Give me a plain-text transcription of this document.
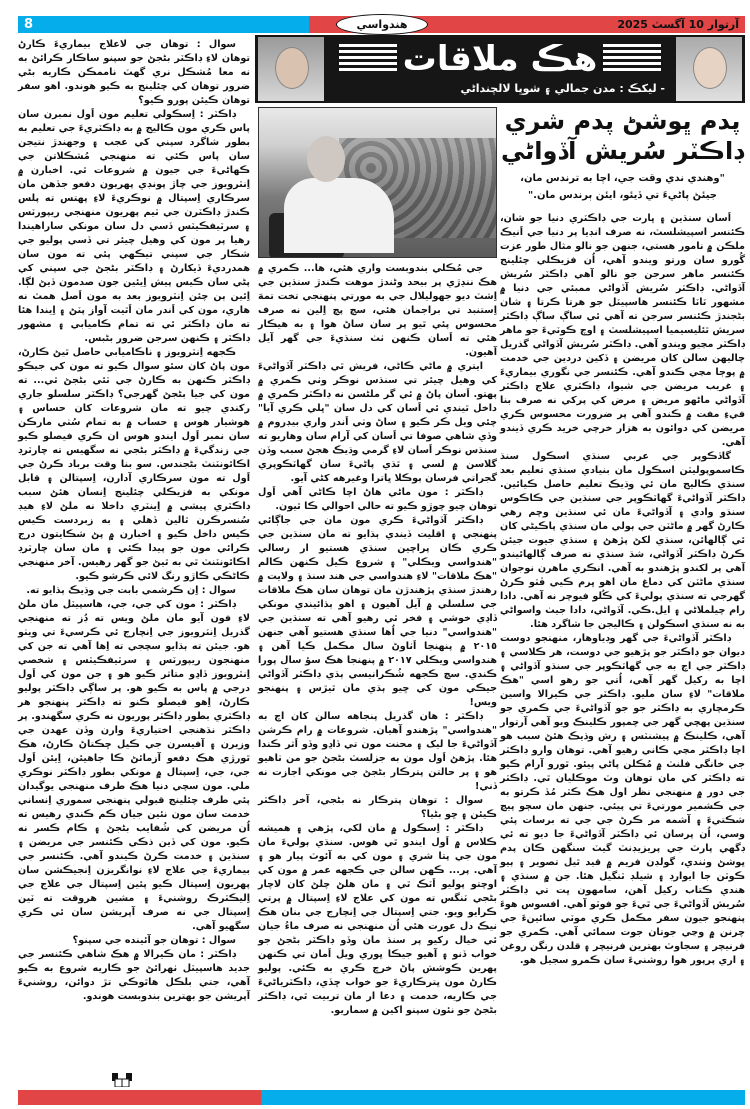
8	هندواسي	آرتوار 10 آگسٽ 2025

سوال : توهان جي لاعلاج بيماريءَ ڪارڻ توهان لاءِ ڊاڪٽر بڻجڻ جو سپنو ساڪار ڪرائڻ به نه معا مُشڪل نري گهٽ ناممڪن ڪاريه بڻي ضرور توهان کي چئلينج به ڪيو هوندو. اهو سفر توهان ڪيئن پورو ڪيو؟

ڊاڪٽر : اِسڪولي تعليم مون اَول نمبرن سان پاس ڪري مون ڪاليج ۾ به ڊاڪٽريءَ جي تعليم به بطور شاگرد سپني کي عجب ۽ وجهندڙ نتيجن سان پاس ڪئي ته منهنجي مُشڪلاتن جي ڪهاڻيءَ جي جيون ۾ شروعات ٿي. اخبارن ۾ اِنٽرويوز جي چاڙ پونڊي پهريون دفعو جڏهن مان سرڪاري اِسپتال ۾ نوڪريءَ لاءِ پهتس ته پلس ڪندڙ ڊاڪٽرن جي ٽيم پهريون منهنجي ريپورٽس ۽ سرٽيفڪيٽس ڏسي دل سان مونکي ساراهيندا رهيا پر مون کي وهيل چيئر تي ڏسي پوليو جي شڪار جي سپني تيڪهي پئي ته مون سان همدرديءَ ڏيکارڻ ۽ ڊاڪٽر بڻجڻ جي سپني کي پڻي سان ڪيس پيش اِيئين جون صدمون ڏيڻ لڳا. اِئين ٻن چئن اِنٽرويوز بعد به مون اَصل همٿ نه هاري، مون کي اَندر مان اَٿيت آواز پٽڻ ۽ اِيندا هئا ته مان ڊاڪٽر ئي ته تمام ڪاميابي ۽ مشهور ڊاڪٽر ۽ ڪنهن سرجن ضرور بڻبس.

ڪجهه اِنٽرويوز ۽ ناڪاميابي حاصل ٿيڻ ڪارڻ، مون پاڻ کان سئو سوال ڪيو ته مون کي جيڪو ڊاڪٽر ڪنهن به ڪارڻ جي ٽئي بڻجڻ ٿي... ته مون کي جيا بڻجڻ گهرجي؟ ڊاڪٽر سلسلو جاري رکندي چيو ته مان شروعات کان حساس ۽ هوشيار هوس ۽ حساب ۾ به تمام سُٺي مارڪن سان نمبر اَول ايندو هوس ان ڪري فيصلو ڪيو جي زندگيءَ ۾ ڊاڪٽر بڻجي نه سگهيس ته چارٽرڊ اڪائونٽنٽ بڻجندس. سو بنا وقت برباد ڪرڻ جي اَول ته مون سرڪاري آدارن، اِسپتالن ۽ قابل مونکي به فزيڪلي چئلينج اِنسان هئڻ سبب ڊاڪٽري پيشي ۾ اِينٽري داخلا نه ملڻ لاءِ هيڊ سُنسرڪرن ٿالين ڏهلي ۽ به زبردست ڪيس ڪيس داخل ڪيو ۽ اخبارن ۾ پڻ شڪايتون درج ڪرائي مون جو پيدا ڪئي ۽ مان سان چارٽرڊ اڪائونٽنٽ ٿي به ٿيڻ جو گهر رهيس. آخر منهنجي ڪاڻڪي ڪاڙو رنگ لائي ڪرشو ڪيو.

سوال : اِن ڪرشمي بابت جي وڌيڪ ٻڌايو ته.

ڊاڪٽر : مون کي جي، جي، هاسپيٽل مان ملڻ لاءِ فون آيو مان ملڻ ويس ته ڊُز ته منهنجي گذريل اِنٽرويوز جي اِنچارج ئي ڪرسيءَ تي ويٺو هو. جيئن ته ٻڌايو سچجي ته اِها آهي ته جن کي منهنجون ريپورٽس ۽ سرٽيفڪيٽس ۽ شخصي اِنٽرويوز ڏاڍو متاثر ڪيو هو ۽ جن مون کي اَول درجي ۾ پاس به ڪيو هو. پر ساڳي ڊاڪٽر پوليو ڪارڻ، اِهو فيصلو ڪنو ته ڊاڪٽر پنهنجو هر ڊاڪٽري بطور ڊاڪٽر پوريون نه ڪري سگهندو. پر ڊاڪٽر نڌهنجي اختياريءَ وارن وڏن عهدن جي وزيرن ۽ آفيسرن جي ڪيل ڇڪتاڻ ڪارڻ، هڪ ٿورڙي هڪ دفعو آزمائڻ ڪا جاهيئن، اِيئن اَول جي، جي، اِسپتال ۾ مونکي بطور ڊاڪٽر نوڪري ملي. مون سچي دنيا هڪ طرف منهنجي يوگيدان پئي طرف چئلينج قبولي پنهنجي سموري اِنساني خدمت سان مون نئين جيان ڪم ڪندي رهيس ته اُن مريضن کي شُفايب بڻجڻ ۽ ڪام ڪسر نه ڪيو. مون کي ڏين ذڪي ڪئنسر جي مريضن ۽ سنڌين ۽ خدمت ڪرڻ ڪيندو آهي. ڪئنسر جي بيماريءَ جي علاج لاءِ نوانگريزن اِنجيڪشن سان پهريون اِسپتال ڪيو پئين اِسپتال جي علاج جي اِليڪٽرڪ روشنيءَ ۽ مشين هروقت ته ٽين اِسپتال جي نه صرف آپريشن سان ئي ڪري سگهيو آهي.

سوال : توهان جو آئينده جي سپنو؟

ڊاڪٽر : مان ڪيرالا ۾ هڪ شاهي ڪئنسر جي جديد هاسپيٽل ٺهرائڻ جو ڪاريه شروع به ڪيو آهي، جتي بلڪل هاٿوڪي تڙ دوائن، روشنيءَ آپريشن جو بهترين بندوبست هوندو.

هڪ ملاقات
- ليکڪ : مدن جمالي ۽ شوڀا لالچنداڻي

جي مُڪلي بندوبست واري هئي، ها... ڪمري ۾ هڪ ننڍڙي پر بيحد وڻندڙ موهت ڪندڙ سنڌين جي اِشٽ ديو جهوليلال جي به مورتي پنهنجي تخت تمهَ اِستنبد تي براجمان هئي، سچ پچ اِلين نه صرف محسوس پئي ٿيو پر سان ساڻ هوا ۽ به هيڪار هئي ته اَسان ڪنهن ٺٺ سنڌيءَ جي گهر آيل آهيون.

ايتري ۾ ماڻي ڪاڻي، فريش ٿي ڊاڪٽر آڏواڻيءَ کي وهيل چيئر تي سنڌس نوڪر وٺي ڪمري ۾ پهتو. اَسان پاڻ ۾ ئي گر ملڻسن نه ڊاڪٽر ڪمري ۾ داخل ٿيندي ئي اَسان کي دل سان "ڀلي ڪري آيا" چئي ويل ڪر ڪيو ۽ ساڻ وٺي اَندر واري بيڊروم ۾ وڏي شاهي صوفا تي اَسان کي آرام سان وهاريو ته سنڌس نوڪر اَسان لاءِ گرمي وڌيڪ هجڻ سبب وڏن گلاسن ۾ لسي ۽ ٿڌي پاڻيءَ سان گهاٽڪوپري گجراتي فرسان ٻوڪلا ڀاترا وغيرهه کڻي آيو.

ڊاڪٽر : مون ماڻي هاڻ اچا ڪاڻي آهي اَول توهان چيو چوڙو ڪيو ته حالي احوالي ڪا ٿيون.

ڊاڪٽر آڏواڻيءَ ڪري مون مان جي جاڳائي پنهنجي ۽ اقليت ڏيندي ٻڌايو ته مان سنڌين جي ڪري ڪان پراچين سنڌي هستيو ار رسالي "هندواسي ويڪلي" ۽ شروع ڪيل ڪنهن ڪالم "هڪ ملاقات" لاءِ هندواسي جي هند سنڌ ۽ ولايت ۾ رهندڙ سنڌي پڙهندڙن مان توهان سان هڪ ملاقات جي سلسلي ۾ آيل آهيون ۽ اهو ٻڌائيندي مونکي ڏاڍي خوشي ۽ فخر ٿي رهيو آهي ته سنڌين جي "هندواسي" دنيا جي اُها سنڌي هستيو آهي جنهن ٢٠١٥ ۾ پنهنجا اَٺاوڻ سال مڪمل ڪيا آهن ۽ هندواسي ويڪلي ٢٠١٧ ۾ پنهنجا هڪ سؤ سال پورا ڪندي. سچ ڪجهه شُڪرانيسي ٻڌي ڊاڪٽر آڏواڻي جيڪي مون کي ڇيو ٻڌي مان ٿيڙس ۽ پنهنجو ويس!

ڊاڪٽر : هان گذريل پنجاهه سالن کان اچ به "هندواسي" پڙهندو آهيان. شروعات ۾ رام ڪرشن آڏواڻيءَ جا ليک ۽ محنت مون تي ڏاڍو وڏو اَثر ڪندا هئا. پڙهڻ اَول مون به جزلسٽ بڻجڻ جو من ٺاهيو هو ۽ پر حالتن پترڪار بڻجڻ جي مونکي اجازت نه ڏني!

سوال : توهان پترڪار نه بڻجي، آخر ڊاڪٽر ڪيئن ۽ ڇو بڻيا؟

ڊاڪٽر : اِسڪول ۾ مان لکي، پڙهي ۽ هميشه ڪلاس ۾ اَول ايندو ٿي هوس. سنڌي ٻوليءَ مان مون جي پتا شري ۽ مون کي به آئوٽ پيار هو ۽ آهي. پر... ڪهن سالن جي ڪجهه عمر ۾ مون کي اوچتو پوليو اَٽڪ ٿي ۽ مان هلڻ چلڻ کان لاچار بڻجي ٽنگس ته مون کي علاج لاءِ اِسپتال ۾ پرتي ڪرايو ويو. جتي اِسپتال جي اِنچارج جي بنان هڪ نيڪ دل عورت هئي اُن منهنجي نه صرف ماءُ جيان ئي خيال رکيو پر سنڌ مان وڏو ڊاڪٽر بڻجڻ جو خواب ڏنو ۽ آهيو جيڪا ڀوري ويل اَمان تي ڪنهن پهرين ڪوشش پاڻ خرچ ڪري به ڪئي. پوليو ڪارڻ مون ڀترڪاريءَ جو خواب ڇڏي، ڊاڪٽرياڻيءَ جي ڪاريه، خدمت ۽ دعا ار مان تربيت ٿي، ڊاڪٽر بڻجڻ جو نئون سپنو اکين ۾ سماريو.

پدم ڀوشڻ پدم شري
ڊاڪٽر سُريش آڏواڻي
"وهندي ندي وقت جي، اچا به ترندس مان،
جيئڻ پاڻيءَ تي ڏيئو، ايئن ٻرندس مان."

اَسان سنڌين ۽ ڀارت جي ڊاڪٽري دنيا جو شان، ڪئنسر اسپيشلسٽ، نه صرف انڊيا پر دنيا جي اَنيڪ ملڪن ۾ نامور هستي، جنهن جو نالو مثال طور عزت گُورو سان ورتو ويندو آهي، اُن فزيڪلي چئلينج ڪئنسر ماهر سرجن جو نالو آهي ڊاڪٽر سُريش آڏواڻي. ڊاڪٽر سُريش آڏواڻي ممبئي جي دنيا ۾ مشهور ٽاٽا ڪئنسر هاسپيٽل جو هرتا ڪرتا ۽ شان بڻجندڙ ڪئنسر سرجن ته آهي ئي ساڳ ساڳ ڊاڪٽر سريش ٿئليسيميا اسپيشلسٽ ۽ اوچ ڪوٽيءَ جو ماهر ڊاڪٽر مڃيو ويندو آهي. ڊاڪٽر سُريش آڏواڻي گذريل چاليهن سالن کان مريضن ۽ ڏکين دردين جي خدمت ۾ پوڄا مڃي ڪندو آهي. ڪئنسر جي نگوري بيماريءَ ۽ غريب مريضن جي شيوا، ڊاڪٽري علاج ڊاڪٽر آڏواڻي ماڻهو مريض ۽ مرض کي پرکي نه صرف بنا فيءِ مفت ۾ ڪندو آهي پر ضرورت محسوس ڪري مريضن کي دوائون به هزار خرچي خريد ڪري ڏيندو آهي.

گاڏڪوپر جي عربي سنڌي اسڪول سنڌ ڪاسموپوليٽن اسڪول مان بنيادي سنڌي تعليم بعد سنڌي ڪاليج مان ئي وڌيڪ تعليم حاصل ڪيائين. ڊاڪٽر آڏواڻيءَ گهاٽڪوپر جي سنڌين جي ڪاڪوس سنڌو وادي ۽ آڏواڻيءَ مان ئي سنڌين وچم رهي ڪارڻ گهر ۾ ماڻٽن جي ٻولي مان سنڌي پاڪيڻي کان ئي ڳالهائن، سنڌي لکڻ پڙهڻ ۽ سنڌي جيوت جيئن ڪرڻ ڊاڪٽر آڏواڻي، شڌ سنڌي نه صرف ڳالهائيندو آهي پر لکندو پڙهندو به آهي. انڪري ماهرن نوجوان سنڌي ماڻٽن کي دماغ مان اهو ڀرم ڪيي ڦٽو ڪرڻ گهرجي ته سنڌي ٻوليءَ کي ڪُلو فيوچر نه آهي. دادا رام چيلملاڻي ۽ ايل.ڪي. آڏواڻي، دادا جيٺ واسواڻي به نه سنڌي اسڪولن ۽ ڪاليجن جا شاگرد هئا.

ڊاڪٽر آڏواڻيءَ جي گهر وڊياوهار، منهنجو دوست ديوان جو ڊاڪٽر جو پڙهيو جي دوست، هر ڪلاسي ۽ ڊاڪٽر جي اچ به جي گهاٽڪوپر جي سنڌو آڏواڻي ۽ اچا به رکيل گهر آهي، اُتي جو رهو اسي "هڪ ملاقات" لاءِ سان مليو. ڊاڪٽر جي ڪيرالا واسين ڪرمچاري به ڊاڪٽر جو جو آڏواڻيءَ جي ڪمري جو سنڌين پهچي گهر جي چمپور ڪلينڪ ويو آهي آرتوار آهي، ڪلينڪ ۾ پيشنٽس ۽ رش وڌيڪ هئڻ سبب هو اچا ڊاڪٽر مڃي ڪاني رهيو آهي. توهان وارو ڊاڪٽر جي خانگي فلنٽ ۾ مُڪلن پاڻي پيئو. ٿورو آرام ڪيو ته ڊاڪٽر کي مان توهان وٽ موڪليان ٿي. ڊاڪٽر جي دور ۾ منهنجي نظر اول هڪ ڪٽر مُڏ ڪرتو به جي ڪشمير مورتيءَ تي پيئي. جنهن مان سڄو پيچ شڪتيءَ ۽ آشمه مر ڪرڻ جي جي ته برسات پئي وسي، اُن پرسان ئي ڊاڪٽر آڏواڻيءَ جا ديو ته ئي ڊگهي پارٽ جي پريزيڊنٽ گيٽ سنگهن ڪان پدم ڀوشڻ وٺندي، گولڊن فريم ۾ قيد ٿيل تصوير ۽ ٻيو ڪوٽن جا ايوارڊ ۽ شيلڊ ٽنگيل هئا. جن ۾ سنڌي ۽ هندي ڪتاب رکيل آهن، سامهون ڀت تي ڊاڪٽر سُريش آڏواڻيءَ جي ٿيءَ جو فوٽو آهي. افسوس هوءَ پنهنجو جيون سفر مڪمل ڪري موٽي سائينءَ جي چرنن ۾ وڃي جوتان جوت سمائي آهي. ڪمري جو فرنيچر ۽ سجاوٽ بهترين فرنيچر ۽ قلدن رنگن روغن ۽ اري پرپور هوا روشنيءَ سان ڪمرو سجيل هو.
